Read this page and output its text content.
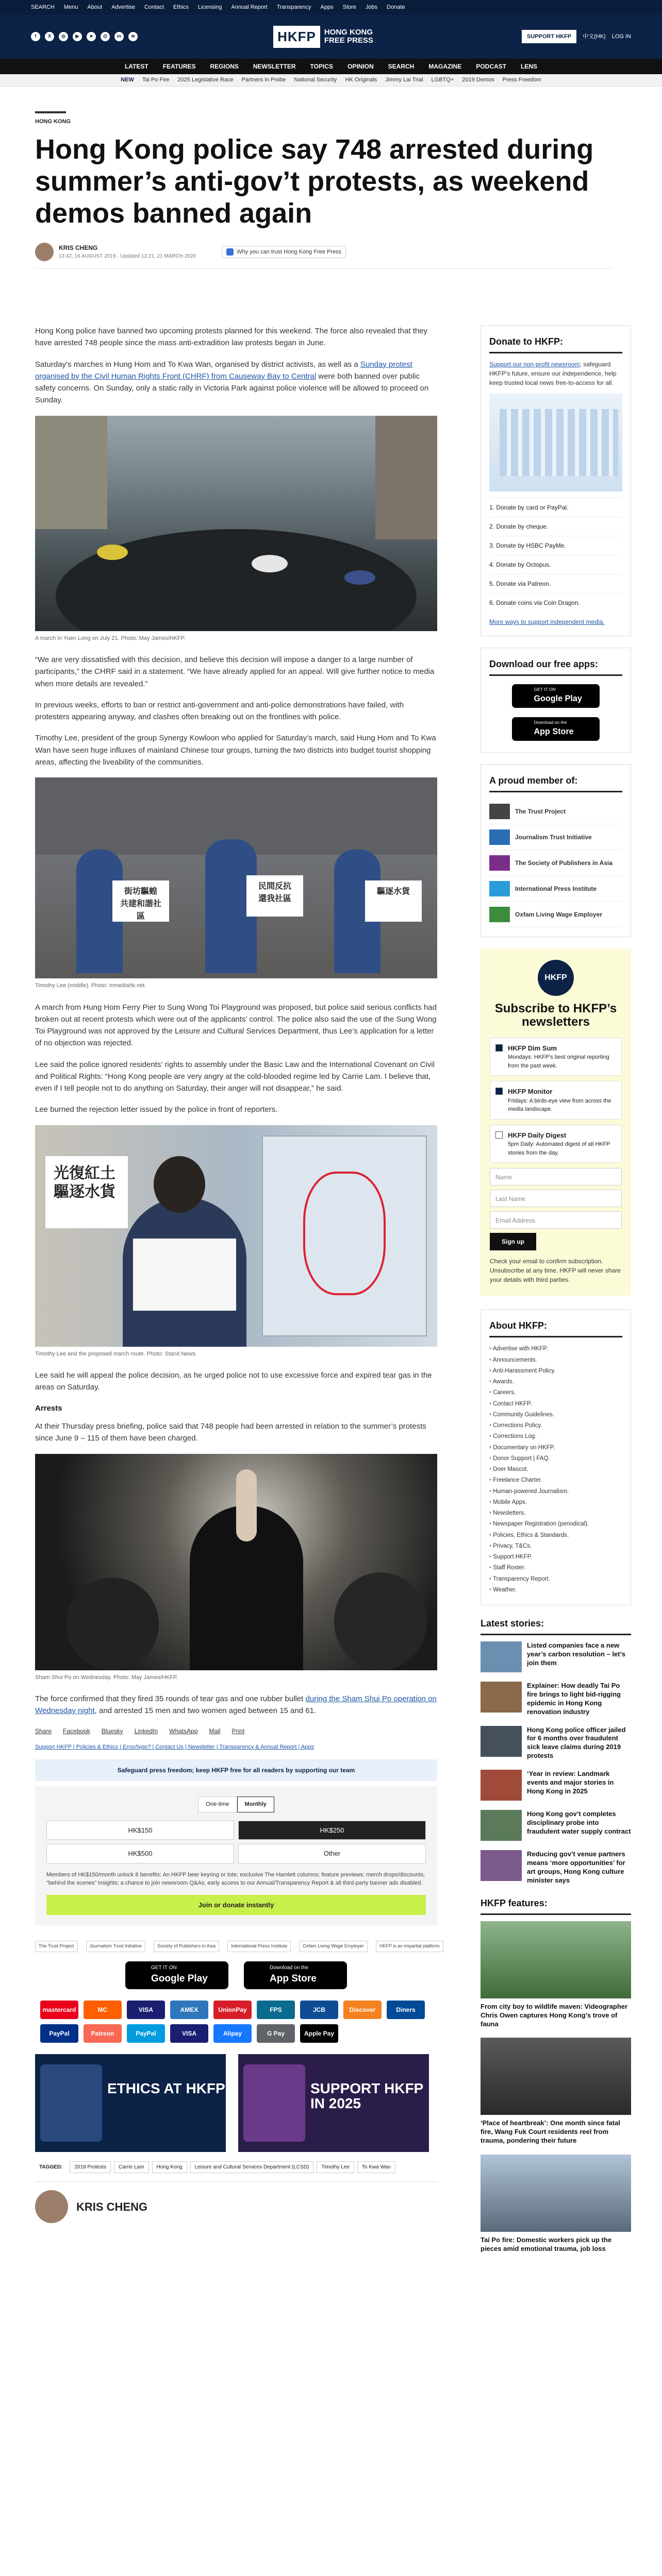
SEARCH Menu About Advertise Contact Ethics Licensing Annual Report Transparency Apps Store Jobs Donate
f	X	◎	▶	➤	@	in	≋	HKFP	HONG KONG FREE PRESS	SUPPORT HKFP	中文(HK) LOG IN
LATEST FEATURES REGIONS NEWSLETTER TOPICS OPINION SEARCH MAGAZINE PODCAST LENS
NEW Tai Po Fire 2025 Legislative Race Partners in Probe National Security HK Originals Jimmy Lai Trial LGBTQ+ 2019 Demos Press Freedom
HONG KONG
Hong Kong police say 748 arrested during summer’s anti-gov’t protests, as weekend demos banned again
KRIS CHENG
13:42, 16 AUGUST 2019 · Updated 13:21, 21 MARCH 2020
Why you can trust Hong Kong Free Press

Hong Kong police have banned two upcoming protests planned for this weekend. The force also revealed that they have arrested 748 people since the mass anti-extradition law protests began in June.

Saturday’s marches in Hung Hom and To Kwa Wan, organised by district activists, as well as a Sunday protest organised by the Civil Human Rights Front (CHRF) from Causeway Bay to Central were both banned over public safety concerns. On Sunday, only a static rally in Victoria Park against police violence will be allowed to proceed on Sunday.

A march in Yuen Long on July 21. Photo: May James/HKFP.

“We are very dissatisfied with this decision, and believe this decision will impose a danger to a large number of participants,” the CHRF said in a statement. “We have already applied for an appeal. Will give further notice to media when more details are revealed.”

In previous weeks, efforts to ban or restrict anti-government and anti-police demonstrations have failed, with protesters appearing anyway, and clashes often breaking out on the frontlines with police.

Timothy Lee, president of the group Synergy Kowloon who applied for Saturday’s march, said Hung Hom and To Kwa Wan have seen huge influxes of mainland Chinese tour groups, turning the two districts into budget tourist shopping areas, affecting the liveability of the communities.

街坊驅蝗
共建和諧社區
民間反抗
還我社區
驅逐水貨
Timothy Lee (middle). Photo: inmediahk.net.

A march from Hung Hom Ferry Pier to Sung Wong Toi Playground was proposed, but police said serious conflicts had broken out at recent protests which were out of the applicants’ control. The police also said the use of the Sung Wong Toi Playground was not approved by the Leisure and Cultural Services Department, thus Lee’s application for a letter of no objection was rejected.

Lee said the police ignored residents’ rights to assembly under the Basic Law and the International Covenant on Civil and Political Rights: “Hong Kong people are very angry at the cold-blooded regime led by Carrie Lam. I believe that, even if I tell people not to do anything on Saturday, their anger will not disappear,” he said.

Lee burned the rejection letter issued by the police in front of reporters.

光復紅土
驅逐水貨
Timothy Lee and the proposed march route. Photo: Stand News.

Lee said he will appeal the police decision, as he urged police not to use excessive force and expired tear gas in the areas on Saturday.

Arrests

At their Thursday press briefing, police said that 748 people had been arrested in relation to the summer’s protests since June 9 – 115 of them have been charged.

Sham Shui Po on Wednesday. Photo: May James/HKFP.

The force confirmed that they fired 35 rounds of tear gas and one rubber bullet during the Sham Shui Po operation on Wednesday night, and arrested 15 men and two women aged between 15 and 61.

Share Facebook Bluesky LinkedIn WhatsApp Mail Print
Support HKFP | Policies & Ethics | Error/typo? | Contact Us | Newsletter | Transparency & Annual Report | Apps
Safeguard press freedom; keep HKFP free for all readers by supporting our team
One-time	Monthly
HK$150	HK$250
HK$500	Other
Members of HK$150/month unlock 8 benefits: An HKFP beer keyring or tote; exclusive The Hamlett columns; feature previews; merch drops/discounts; "behind the scenes" insights; a chance to join newsroom Q&As, early access to our Annual/Transparency Report & all third-party banner ads disabled.
Join or donate instantly
The Trust Project	Journalism Trust Initiative	Society of Publishers in Asia	International Press Institute	Oxfam Living Wage Employer	HKFP is an impartial platform
GET IT ON
Google Play
Download on the
App Store
mastercard	MC	VISA	AMEX	UnionPay	FPS	JCB	Discover	Diners
PayPal	Patreon	PayPal	VISA	Alipay	G Pay	Apple Pay
ETHICS AT HKFP	SUPPORT HKFP IN 2025
TAGGED:	2019 Protests	Carrie Lam	Hong Kong	Leisure and Cultural Services Department (LCSD)	Timothy Lee	To Kwa Wan
KRIS CHENG
Donate to HKFP:

Support our non-profit newsroom; safeguard HKFP’s future, ensure our independence, help keep trusted local news free-to-access for all.

1. Donate by card or PayPal.
2. Donate by cheque.
3. Donate by HSBC PayMe.
4. Donate by Octopus.
5. Donate via Patreon.
6. Donate coins via Coin Dragon.
More ways to support independent media.
Download our free apps:
GET IT ON
Google Play
Download on the
App Store
A proud member of:
The Trust Project
Journalism Trust Initiative
The Society of Publishers in Asia
International Press Institute
Oxfam Living Wage Employer
HKFP
Subscribe to HKFP’s newsletters
HKFP Dim Sum
Mondays: HKFP’s best original reporting from the past week.
HKFP Monitor
Fridays: A birds-eye view from across the media landscape.
HKFP Daily Digest
5pm Daily: Automated digest of all HKFP stories from the day.
Name
Last Name
Email Address
Sign up
Check your email to confirm subscription. Unsubscribe at any time. HKFP will never share your details with third parties.
About HKFP:
• Advertise with HKFP.
• Announcements.
• Anti-Harassment Policy.
• Awards.
• Careers.
• Contact HKFP.
• Community Guidelines.
• Corrections Policy.
• Corrections Log.
• Documentary on HKFP.
• Donor Support | FAQ.
• Doer Mascot.
• Freelance Charter.
• Human-powered Journalism.
• Mobile Apps.
• Newsletters.
• Newspaper Registration (periodical).
• Policies, Ethics & Standards.
• Privacy, T&Cs.
• Support HKFP.
• Staff Roster.
• Transparency Report.
• Weather.
Latest stories:

Listed companies face a new year’s carbon resolution – let’s join them

Explainer: How deadly Tai Po fire brings to light bid-rigging epidemic in Hong Kong renovation industry

Hong Kong police officer jailed for 6 months over fraudulent sick leave claims during 2019 protests

‘Year in review: Landmark events and major stories in Hong Kong in 2025

Hong Kong gov’t completes disciplinary probe into fraudulent water supply contract

Reducing gov’t venue partners means ‘more opportunities’ for art groups, Hong Kong culture minister says

HKFP features:

From city boy to wildlife maven: Videographer Chris Owen captures Hong Kong’s trove of fauna

‘Place of heartbreak’: One month since fatal fire, Wang Fuk Court residents reel from trauma, pondering their future

Tai Po fire: Domestic workers pick up the pieces amid emotional trauma, job loss
